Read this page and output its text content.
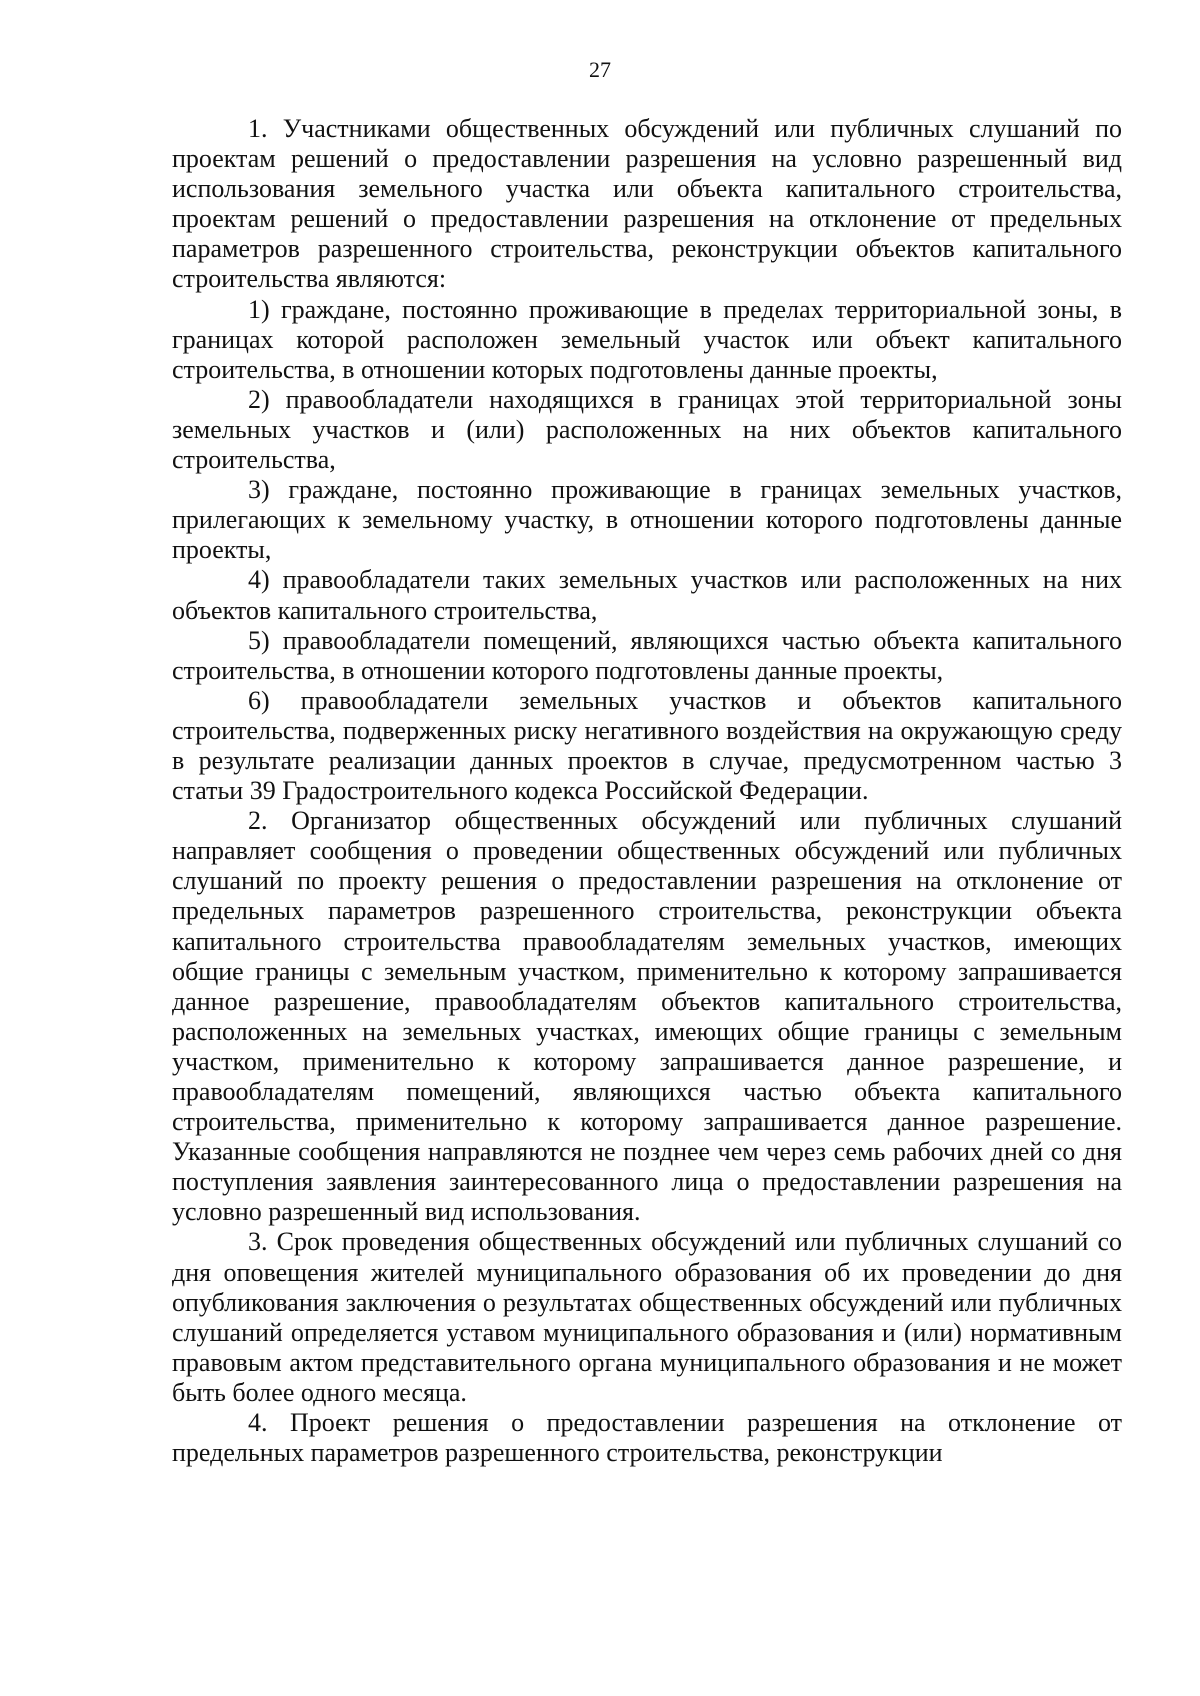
27

1. Участниками общественных обсуждений или публичных слушаний по проектам решений о предоставлении разрешения на условно разрешенный вид использования земельного участка или объекта капитального строительства, проектам решений о предоставлении разрешения на отклонение от предельных параметров разрешенного строительства, реконструкции объектов капитального строительства являются:

1) граждане, постоянно проживающие в пределах территориальной зоны, в границах которой расположен земельный участок или объект капитального строительства, в отношении которых подготовлены данные проекты,

2) правообладатели находящихся в границах этой территориальной зоны земельных участков и (или) расположенных на них объектов капитального строительства,

3) граждане, постоянно проживающие в границах земельных участков, прилегающих к земельному участку, в отношении которого подготовлены данные проекты,

4) правообладатели таких земельных участков или расположенных на них объектов капитального строительства,

5) правообладатели помещений, являющихся частью объекта капитального строительства, в отношении которого подготовлены данные проекты,

6) правообладатели земельных участков и объектов капитального строительства, подверженных риску негативного воздействия на окружающую среду в результате реализации данных проектов в случае, предусмотренном частью 3 статьи 39 Градостроительного кодекса Российской Федерации.

2. Организатор общественных обсуждений или публичных слушаний направляет сообщения о проведении общественных обсуждений или публичных слушаний по проекту решения о предоставлении разрешения на отклонение от предельных параметров разрешенного строительства, реконструкции объекта капитального строительства правообладателям земельных участков, имеющих общие границы с земельным участком, применительно к которому запрашивается данное разрешение, правообладателям объектов капитального строительства, расположенных на земельных участках, имеющих общие границы с земельным участком, применительно к которому запрашивается данное разрешение, и правообладателям помещений, являющихся частью объекта капитального строительства, применительно к которому запрашивается данное разрешение. Указанные сообщения направляются не позднее чем через семь рабочих дней со дня поступления заявления заинтересованного лица о предоставлении разрешения на условно разрешенный вид использования.

3. Срок проведения общественных обсуждений или публичных слушаний со дня оповещения жителей муниципального образования об их проведении до дня опубликования заключения о результатах общественных обсуждений или публичных слушаний определяется уставом муниципального образования и (или) нормативным правовым актом представительного органа муниципального образования и не может быть более одного месяца.

4. Проект решения о предоставлении разрешения на отклонение от предельных параметров разрешенного строительства, реконструкции
